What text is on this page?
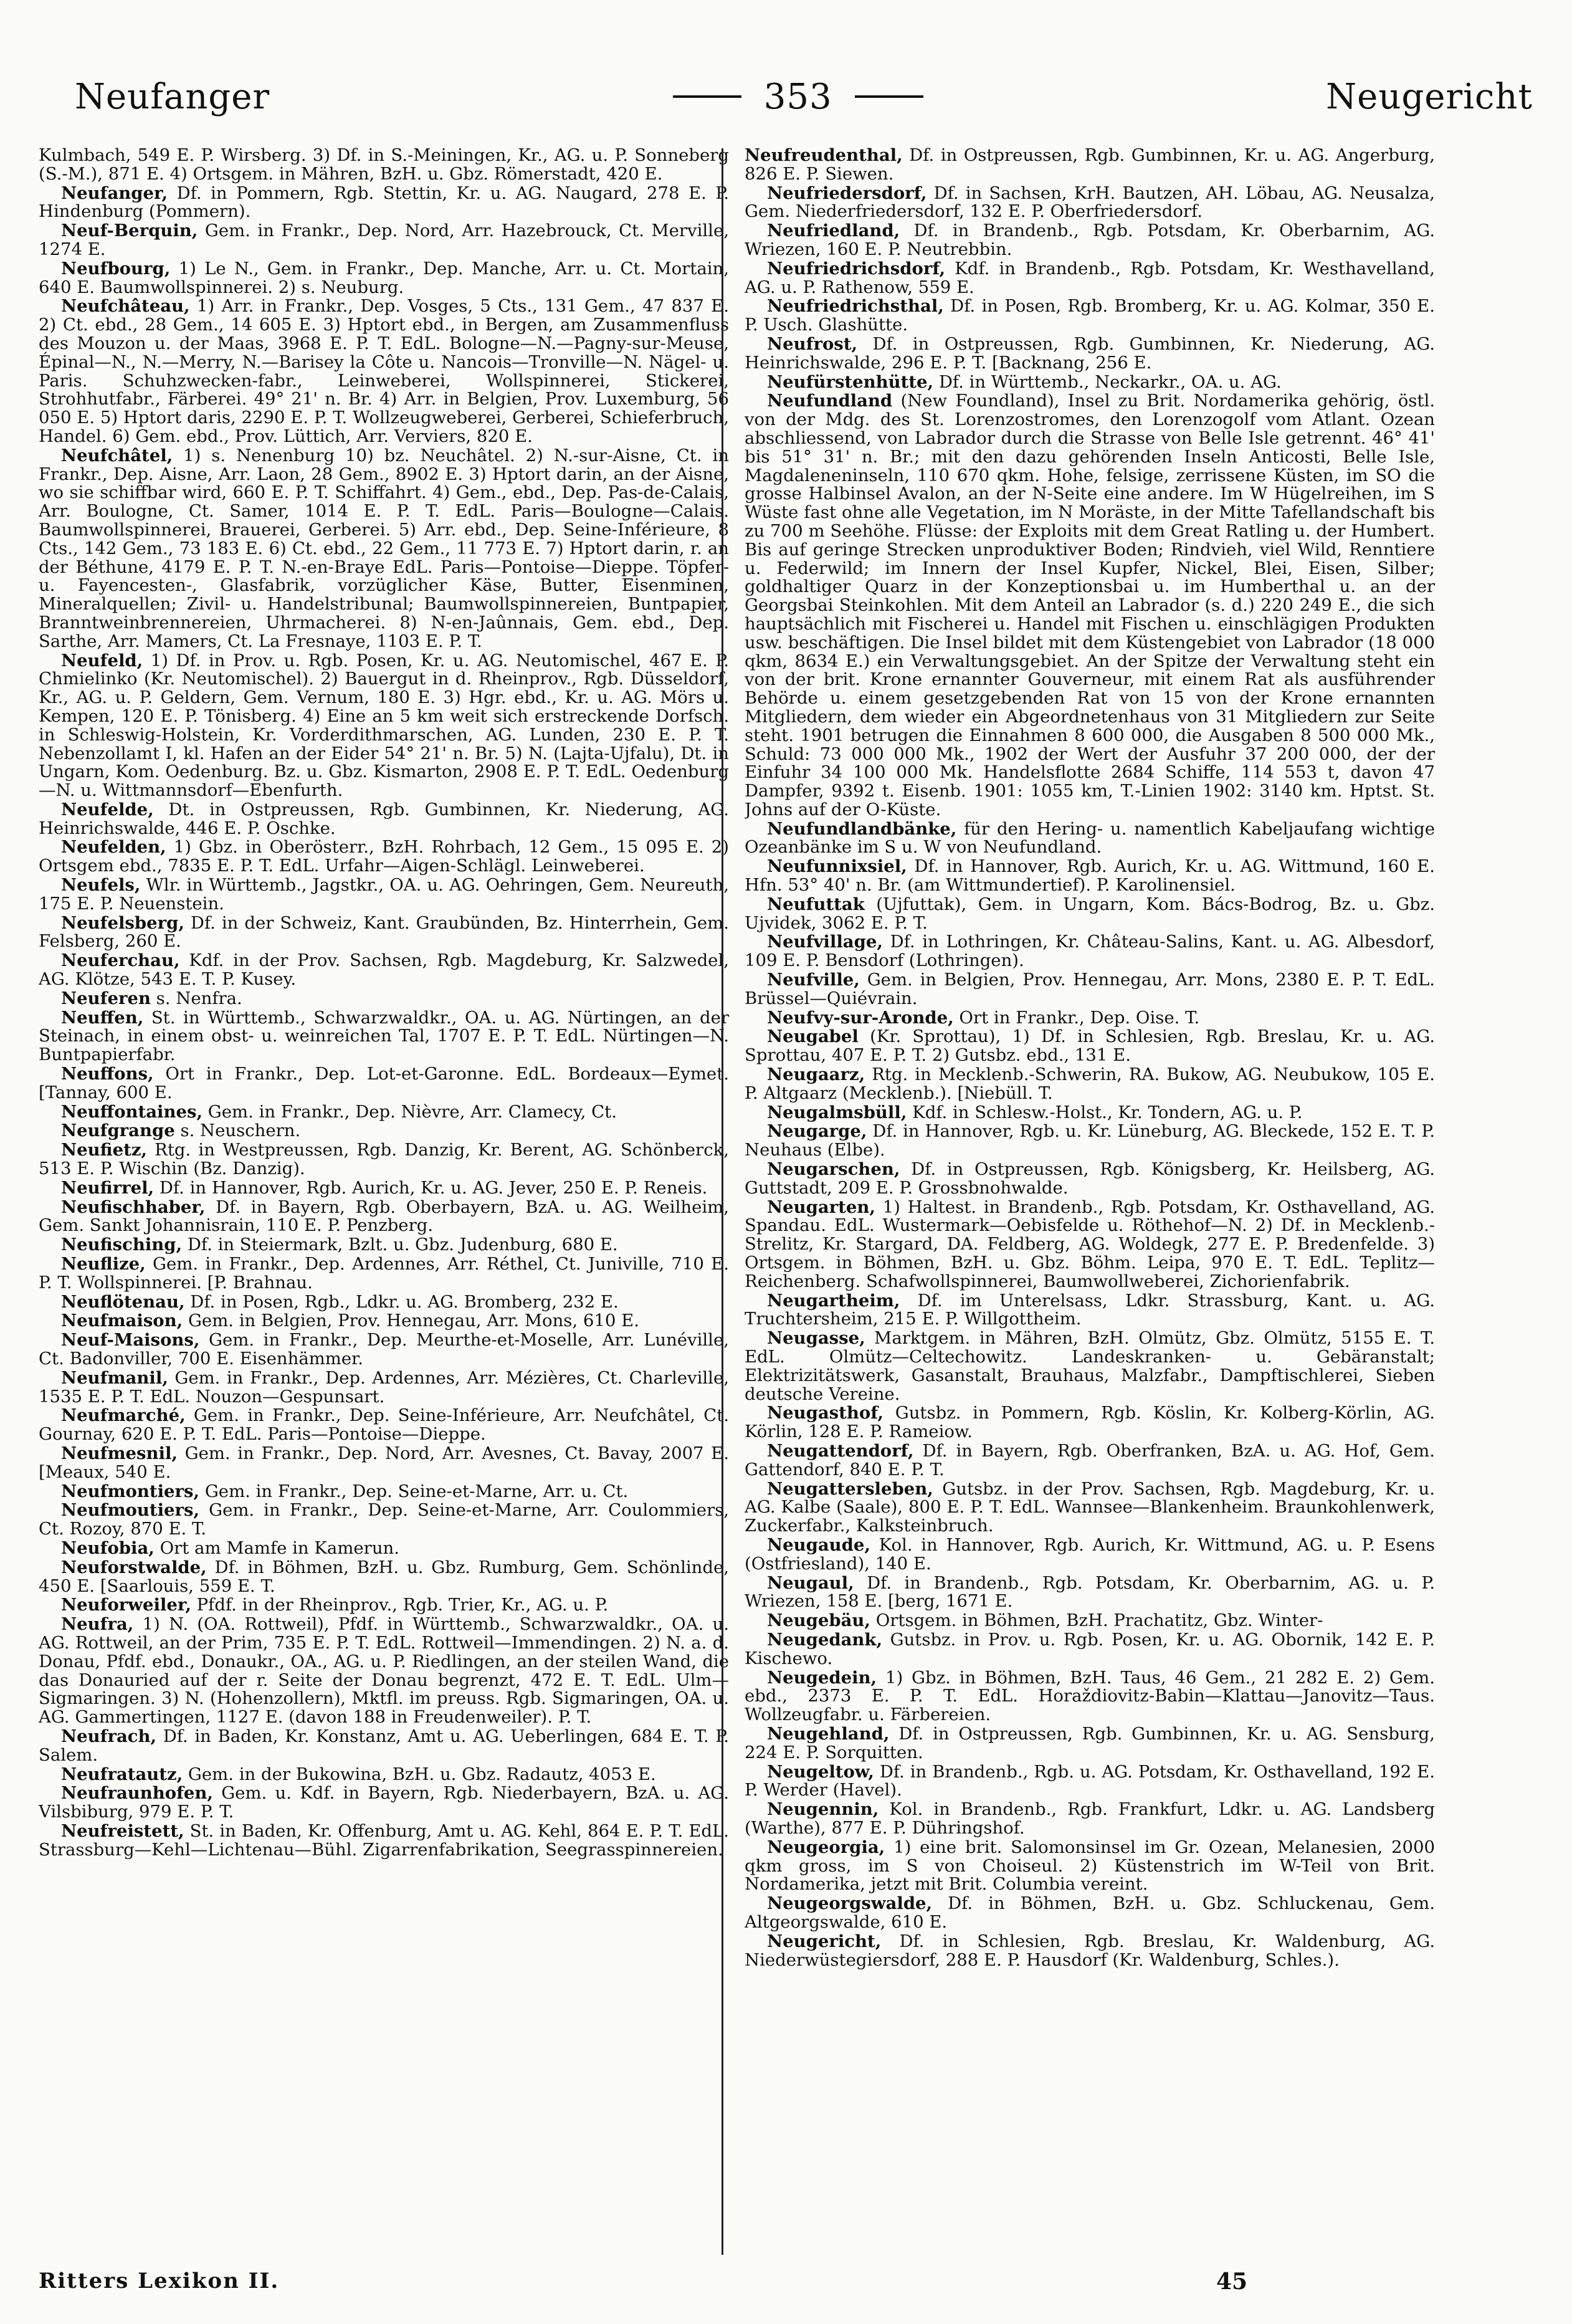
Neufanger	353	Neugericht

Kulmbach, 549 E. P. Wirsberg. 3) Df. in S.-Meiningen, Kr., AG. u. P. Sonneberg (S.-M.), 871 E. 4) Ortsgem. in Mähren, BzH. u. Gbz. Römerstadt, 420 E.

Neufanger, Df. in Pommern, Rgb. Stettin, Kr. u. AG. Naugard, 278 E. P. Hindenburg (Pommern).

Neuf-Berquin, Gem. in Frankr., Dep. Nord, Arr. Hazebrouck, Ct. Merville, 1274 E.

Neufbourg, 1) Le N., Gem. in Frankr., Dep. Manche, Arr. u. Ct. Mortain, 640 E. Baumwollspinnerei. 2) s. Neuburg.

Neufchâteau, 1) Arr. in Frankr., Dep. Vosges, 5 Cts., 131 Gem., 47 837 E. 2) Ct. ebd., 28 Gem., 14 605 E. 3) Hptort ebd., in Bergen, am Zusammenfluss des Mouzon u. der Maas, 3968 E. P. T. EdL. Bologne—N.—Pagny-sur-Meuse, Épinal—N., N.—Merry, N.—Barisey la Côte u. Nancois—Tronville—N. Nägel- u. Paris. Schuhzwecken-fabr., Leinweberei, Wollspinnerei, Stickerei, Strohhutfabr., Färberei. 49° 21' n. Br. 4) Arr. in Belgien, Prov. Luxemburg, 56 050 E. 5) Hptort daris, 2290 E. P. T. Wollzeugweberei, Gerberei, Schieferbruch, Handel. 6) Gem. ebd., Prov. Lüttich, Arr. Verviers, 820 E.

Neufchâtel, 1) s. Nenenburg 10) bz. Neuchâtel. 2) N.-sur-Aisne, Ct. in Frankr., Dep. Aisne, Arr. Laon, 28 Gem., 8902 E. 3) Hptort darin, an der Aisne, wo sie schiffbar wird, 660 E. P. T. Schiffahrt. 4) Gem., ebd., Dep. Pas-de-Calais, Arr. Boulogne, Ct. Samer, 1014 E. P. T. EdL. Paris—Boulogne—Calais. Baumwollspinnerei, Brauerei, Gerberei. 5) Arr. ebd., Dep. Seine-Inférieure, 8 Cts., 142 Gem., 73 183 E. 6) Ct. ebd., 22 Gem., 11 773 E. 7) Hptort darin, r. an der Béthune, 4179 E. P. T. N.-en-Braye EdL. Paris—Pontoise—Dieppe. Töpfer- u. Fayencesten-, Glasfabrik, vorzüglicher Käse, Butter, Eisenminen, Mineralquellen; Zivil- u. Handelstribunal; Baumwollspinnereien, Buntpapier, Branntweinbrennereien, Uhrmacherei. 8) N-en-Jaûnnais, Gem. ebd., Dep. Sarthe, Arr. Mamers, Ct. La Fresnaye, 1103 E. P. T.

Neufeld, 1) Df. in Prov. u. Rgb. Posen, Kr. u. AG. Neutomischel, 467 E. P. Chmielinko (Kr. Neutomischel). 2) Bauergut in d. Rheinprov., Rgb. Düsseldorf, Kr., AG. u. P. Geldern, Gem. Vernum, 180 E. 3) Hgr. ebd., Kr. u. AG. Mörs u. Kempen, 120 E. P. Tönisberg. 4) Eine an 5 km weit sich erstreckende Dorfsch. in Schleswig-Holstein, Kr. Vorderdithmarschen, AG. Lunden, 230 E. P. T. Nebenzollamt I, kl. Hafen an der Eider 54° 21' n. Br. 5) N. (Lajta-Ujfalu), Dt. in Ungarn, Kom. Oedenburg. Bz. u. Gbz. Kismarton, 2908 E. P. T. EdL. Oedenburg—N. u. Wittmannsdorf—Ebenfurth.

Neufelde, Dt. in Ostpreussen, Rgb. Gumbinnen, Kr. Niederung, AG. Heinrichswalde, 446 E. P. Oschke.

Neufelden, 1) Gbz. in Oberösterr., BzH. Rohrbach, 12 Gem., 15 095 E. 2) Ortsgem ebd., 7835 E. P. T. EdL. Urfahr—Aigen-Schlägl. Leinweberei.

Neufels, Wlr. in Württemb., Jagstkr., OA. u. AG. Oehringen, Gem. Neureuth, 175 E. P. Neuenstein.

Neufelsberg, Df. in der Schweiz, Kant. Graubünden, Bz. Hinterrhein, Gem. Felsberg, 260 E.

Neuferchau, Kdf. in der Prov. Sachsen, Rgb. Magdeburg, Kr. Salzwedel, AG. Klötze, 543 E. T. P. Kusey.

Neuferen s. Nenfra.

Neuffen, St. in Württemb., Schwarzwaldkr., OA. u. AG. Nürtingen, an der Steinach, in einem obst- u. weinreichen Tal, 1707 E. P. T. EdL. Nürtingen—N. Buntpapierfabr.

Neuffons, Ort in Frankr., Dep. Lot-et-Garonne. EdL. Bordeaux—Eymet. [Tannay, 600 E.

Neuffontaines, Gem. in Frankr., Dep. Nièvre, Arr. Clamecy, Ct.

Neufgrange s. Neuschern.

Neufietz, Rtg. in Westpreussen, Rgb. Danzig, Kr. Berent, AG. Schönberck, 513 E. P. Wischin (Bz. Danzig).

Neufirrel, Df. in Hannover, Rgb. Aurich, Kr. u. AG. Jever, 250 E. P. Reneis.

Neufischhaber, Df. in Bayern, Rgb. Oberbayern, BzA. u. AG. Weilheim, Gem. Sankt Johannisrain, 110 E. P. Penzberg.

Neufisching, Df. in Steiermark, Bzlt. u. Gbz. Judenburg, 680 E.

Neuflize, Gem. in Frankr., Dep. Ardennes, Arr. Réthel, Ct. Juniville, 710 E. P. T. Wollspinnerei. [P. Brahnau.

Neuflötenau, Df. in Posen, Rgb., Ldkr. u. AG. Bromberg, 232 E.

Neufmaison, Gem. in Belgien, Prov. Hennegau, Arr. Mons, 610 E.

Neuf-Maisons, Gem. in Frankr., Dep. Meurthe-et-Moselle, Arr. Lunéville, Ct. Badonviller, 700 E. Eisenhämmer.

Neufmanil, Gem. in Frankr., Dep. Ardennes, Arr. Mézières, Ct. Charleville, 1535 E. P. T. EdL. Nouzon—Gespunsart.

Neufmarché, Gem. in Frankr., Dep. Seine-Inférieure, Arr. Neufchâtel, Ct. Gournay, 620 E. P. T. EdL. Paris—Pontoise—Dieppe.

Neufmesnil, Gem. in Frankr., Dep. Nord, Arr. Avesnes, Ct. Bavay, 2007 E. [Meaux, 540 E.

Neufmontiers, Gem. in Frankr., Dep. Seine-et-Marne, Arr. u. Ct.

Neufmoutiers, Gem. in Frankr., Dep. Seine-et-Marne, Arr. Coulommiers, Ct. Rozoy, 870 E. T.

Neufobia, Ort am Mamfe in Kamerun.

Neuforstwalde, Df. in Böhmen, BzH. u. Gbz. Rumburg, Gem. Schönlinde, 450 E. [Saarlouis, 559 E. T.

Neuforweiler, Pfdf. in der Rheinprov., Rgb. Trier, Kr., AG. u. P.

Neufra, 1) N. (OA. Rottweil), Pfdf. in Württemb., Schwarzwaldkr., OA. u. AG. Rottweil, an der Prim, 735 E. P. T. EdL. Rottweil—Immendingen. 2) N. a. d. Donau, Pfdf. ebd., Donaukr., OA., AG. u. P. Riedlingen, an der steilen Wand, die das Donauried auf der r. Seite der Donau begrenzt, 472 E. T. EdL. Ulm—Sigmaringen. 3) N. (Hohenzollern), Mktfl. im preuss. Rgb. Sigmaringen, OA. u. AG. Gammertingen, 1127 E. (davon 188 in Freudenweiler). P. T.

Neufrach, Df. in Baden, Kr. Konstanz, Amt u. AG. Ueberlingen, 684 E. T. P. Salem.

Neufratautz, Gem. in der Bukowina, BzH. u. Gbz. Radautz, 4053 E.

Neufraunhofen, Gem. u. Kdf. in Bayern, Rgb. Niederbayern, BzA. u. AG. Vilsbiburg, 979 E. P. T.

Neufreistett, St. in Baden, Kr. Offenburg, Amt u. AG. Kehl, 864 E. P. T. EdL. Strassburg—Kehl—Lichtenau—Bühl. Zigarrenfabrikation, Seegrasspinnereien.

Neufreudenthal, Df. in Ostpreussen, Rgb. Gumbinnen, Kr. u. AG. Angerburg, 826 E. P. Siewen.

Neufriedersdorf, Df. in Sachsen, KrH. Bautzen, AH. Löbau, AG. Neusalza, Gem. Niederfriedersdorf, 132 E. P. Oberfriedersdorf.

Neufriedland, Df. in Brandenb., Rgb. Potsdam, Kr. Oberbarnim, AG. Wriezen, 160 E. P. Neutrebbin.

Neufriedrichsdorf, Kdf. in Brandenb., Rgb. Potsdam, Kr. Westhavelland, AG. u. P. Rathenow, 559 E.

Neufriedrichsthal, Df. in Posen, Rgb. Bromberg, Kr. u. AG. Kolmar, 350 E. P. Usch. Glashütte.

Neufrost, Df. in Ostpreussen, Rgb. Gumbinnen, Kr. Niederung, AG. Heinrichswalde, 296 E. P. T. [Backnang, 256 E.

Neufürstenhütte, Df. in Württemb., Neckarkr., OA. u. AG.

Neufundland (New Foundland), Insel zu Brit. Nordamerika gehörig, östl. von der Mdg. des St. Lorenzostromes, den Lorenzogolf vom Atlant. Ozean abschliessend, von Labrador durch die Strasse von Belle Isle getrennt. 46° 41' bis 51° 31' n. Br.; mit den dazu gehörenden Inseln Anticosti, Belle Isle, Magdaleneninseln, 110 670 qkm. Hohe, felsige, zerrissene Küsten, im SO die grosse Halbinsel Avalon, an der N-Seite eine andere. Im W Hügelreihen, im S Wüste fast ohne alle Vegetation, im N Moräste, in der Mitte Tafellandschaft bis zu 700 m Seehöhe. Flüsse: der Exploits mit dem Great Ratling u. der Humbert. Bis auf geringe Strecken unproduktiver Boden; Rindvieh, viel Wild, Renntiere u. Federwild; im Innern der Insel Kupfer, Nickel, Blei, Eisen, Silber; goldhaltiger Quarz in der Konzeptionsbai u. im Humberthal u. an der Georgsbai Steinkohlen. Mit dem Anteil an Labrador (s. d.) 220 249 E., die sich hauptsächlich mit Fischerei u. Handel mit Fischen u. einschlägigen Produkten usw. beschäftigen. Die Insel bildet mit dem Küstengebiet von Labrador (18 000 qkm, 8634 E.) ein Verwaltungsgebiet. An der Spitze der Verwaltung steht ein von der brit. Krone ernannter Gouverneur, mit einem Rat als ausführender Behörde u. einem gesetzgebenden Rat von 15 von der Krone ernannten Mitgliedern, dem wieder ein Abgeordnetenhaus von 31 Mitgliedern zur Seite steht. 1901 betrugen die Einnahmen 8 600 000, die Ausgaben 8 500 000 Mk., Schuld: 73 000 000 Mk., 1902 der Wert der Ausfuhr 37 200 000, der der Einfuhr 34 100 000 Mk. Handelsflotte 2684 Schiffe, 114 553 t, davon 47 Dampfer, 9392 t. Eisenb. 1901: 1055 km, T.-Linien 1902: 3140 km. Hptst. St. Johns auf der O-Küste.

Neufundlandbänke, für den Hering- u. namentlich Kabeljaufang wichtige Ozeanbänke im S u. W von Neufundland.

Neufunnixsiel, Df. in Hannover, Rgb. Aurich, Kr. u. AG. Wittmund, 160 E. Hfn. 53° 40' n. Br. (am Wittmundertief). P. Karolinensiel.

Neufuttak (Ujfuttak), Gem. in Ungarn, Kom. Bács-Bodrog, Bz. u. Gbz. Ujvidek, 3062 E. P. T.

Neufvillage, Df. in Lothringen, Kr. Château-Salins, Kant. u. AG. Albesdorf, 109 E. P. Bensdorf (Lothringen).

Neufville, Gem. in Belgien, Prov. Hennegau, Arr. Mons, 2380 E. P. T. EdL. Brüssel—Quiévrain.

Neufvy-sur-Aronde, Ort in Frankr., Dep. Oise. T.

Neugabel (Kr. Sprottau), 1) Df. in Schlesien, Rgb. Breslau, Kr. u. AG. Sprottau, 407 E. P. T. 2) Gutsbz. ebd., 131 E.

Neugaarz, Rtg. in Mecklenb.-Schwerin, RA. Bukow, AG. Neubukow, 105 E. P. Altgaarz (Mecklenb.). [Niebüll. T.

Neugalmsbüll, Kdf. in Schlesw.-Holst., Kr. Tondern, AG. u. P.

Neugarge, Df. in Hannover, Rgb. u. Kr. Lüneburg, AG. Bleckede, 152 E. T. P. Neuhaus (Elbe).

Neugarschen, Df. in Ostpreussen, Rgb. Königsberg, Kr. Heilsberg, AG. Guttstadt, 209 E. P. Grossbnohwalde.

Neugarten, 1) Haltest. in Brandenb., Rgb. Potsdam, Kr. Osthavelland, AG. Spandau. EdL. Wustermark—Oebisfelde u. Röthehof—N. 2) Df. in Mecklenb.-Strelitz, Kr. Stargard, DA. Feldberg, AG. Woldegk, 277 E. P. Bredenfelde. 3) Ortsgem. in Böhmen, BzH. u. Gbz. Böhm. Leipa, 970 E. T. EdL. Teplitz—Reichenberg. Schafwollspinnerei, Baumwollweberei, Zichorienfabrik.

Neugartheim, Df. im Unterelsass, Ldkr. Strassburg, Kant. u. AG. Truchtersheim, 215 E. P. Willgottheim.

Neugasse, Marktgem. in Mähren, BzH. Olmütz, Gbz. Olmütz, 5155 E. T. EdL. Olmütz—Celtechowitz. Landeskranken- u. Gebäranstalt; Elektrizitätswerk, Gasanstalt, Brauhaus, Malzfabr., Dampftischlerei, Sieben deutsche Vereine.

Neugasthof, Gutsbz. in Pommern, Rgb. Köslin, Kr. Kolberg-Körlin, AG. Körlin, 128 E. P. Rameiow.

Neugattendorf, Df. in Bayern, Rgb. Oberfranken, BzA. u. AG. Hof, Gem. Gattendorf, 840 E. P. T.

Neugattersleben, Gutsbz. in der Prov. Sachsen, Rgb. Magdeburg, Kr. u. AG. Kalbe (Saale), 800 E. P. T. EdL. Wannsee—Blankenheim. Braunkohlenwerk, Zuckerfabr., Kalksteinbruch.

Neugaude, Kol. in Hannover, Rgb. Aurich, Kr. Wittmund, AG. u. P. Esens (Ostfriesland), 140 E.

Neugaul, Df. in Brandenb., Rgb. Potsdam, Kr. Oberbarnim, AG. u. P. Wriezen, 158 E. [berg, 1671 E.

Neugebäu, Ortsgem. in Böhmen, BzH. Prachatitz, Gbz. Winter-

Neugedank, Gutsbz. in Prov. u. Rgb. Posen, Kr. u. AG. Obornik, 142 E. P. Kischewo.

Neugedein, 1) Gbz. in Böhmen, BzH. Taus, 46 Gem., 21 282 E. 2) Gem. ebd., 2373 E. P. T. EdL. Horaždiovitz-Babin—Klattau—Janovitz—Taus. Wollzeugfabr. u. Färbereien.

Neugehland, Df. in Ostpreussen, Rgb. Gumbinnen, Kr. u. AG. Sensburg, 224 E. P. Sorquitten.

Neugeltow, Df. in Brandenb., Rgb. u. AG. Potsdam, Kr. Osthavelland, 192 E. P. Werder (Havel).

Neugennin, Kol. in Brandenb., Rgb. Frankfurt, Ldkr. u. AG. Landsberg (Warthe), 877 E. P. Dühringshof.

Neugeorgia, 1) eine brit. Salomonsinsel im Gr. Ozean, Melanesien, 2000 qkm gross, im S von Choiseul. 2) Küstenstrich im W-Teil von Brit. Nordamerika, jetzt mit Brit. Columbia vereint.

Neugeorgswalde, Df. in Böhmen, BzH. u. Gbz. Schluckenau, Gem. Altgeorgswalde, 610 E.

Neugericht, Df. in Schlesien, Rgb. Breslau, Kr. Waldenburg, AG. Niederwüstegiersdorf, 288 E. P. Hausdorf (Kr. Waldenburg, Schles.).

Ritters Lexikon II.	45
